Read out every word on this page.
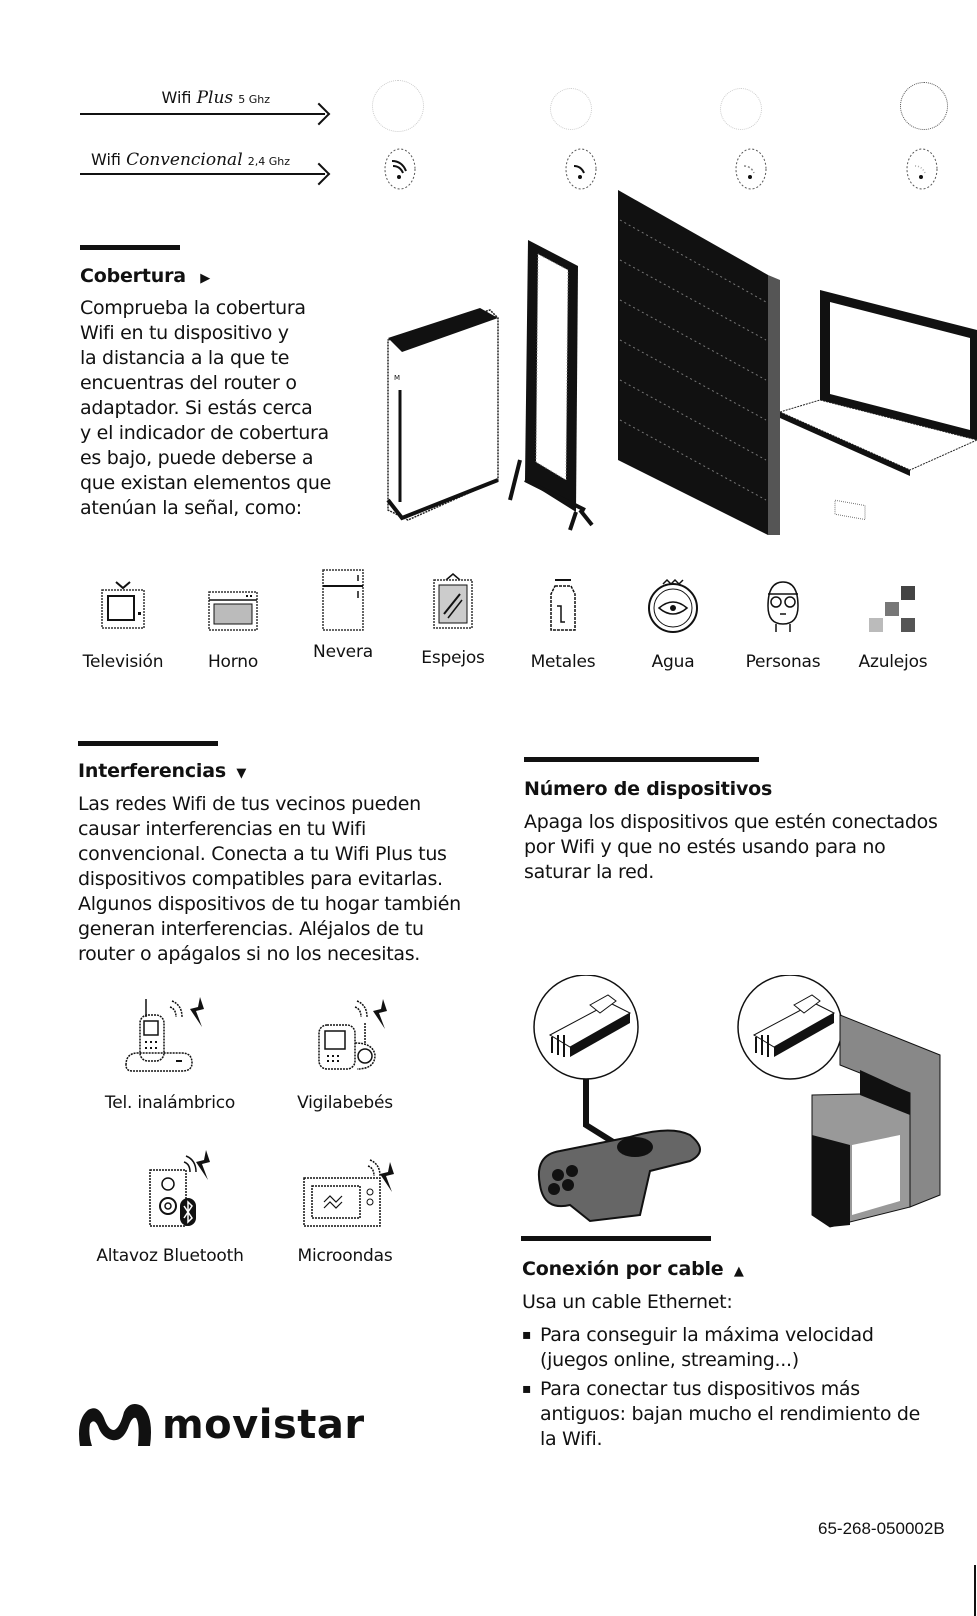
Wifi Plus 5 Ghz
Wifi Convencional 2,4 Ghz
Cobertura ▶
Comprueba la cobertura
Wifi en tu dispositivo y
la distancia a la que te
encuentras del router o
adaptador. Si estás cerca
y el indicador de cobertura
es bajo, puede deberse a
que existan elementos que
atenúan la señal, como:
M
Televisión	Horno	Nevera	Espejos	Metales	Agua	Personas	Azulejos
Interferencias ▼
Las redes Wifi de tus vecinos pueden
causar interferencias en tu Wifi
convencional. Conecta a tu Wifi Plus tus
dispositivos compatibles para evitarlas.
Algunos dispositivos de tu hogar también
generan interferencias. Aléjalos de tu
router o apágalos si no los necesitas.
Tel. inalámbrico	Vigilabebés
Altavoz Bluetooth	Microondas
Número de dispositivos
Apaga los dispositivos que estén conectados
por Wifi y que no estés usando para no
saturar la red.
Conexión por cable ▲
Usa un cable Ethernet:
▪ Para conseguir la máxima velocidad
(juegos online, streaming...)
▪ Para conectar tus dispositivos más
antiguos: bajan mucho el rendimiento de
la Wifi.
movistar
65-268-050002B
